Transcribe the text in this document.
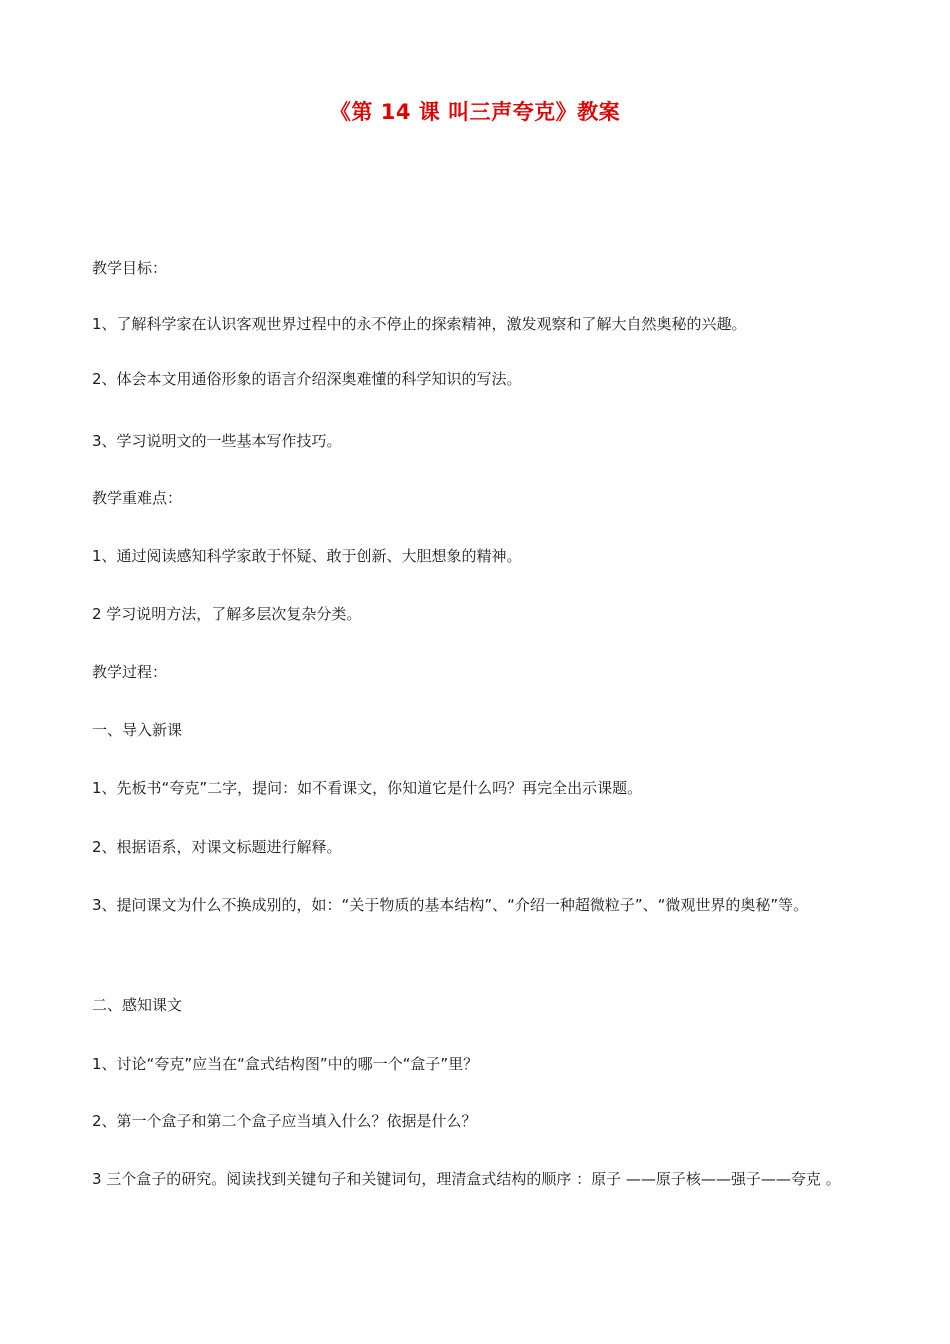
《第 14 课 叫三声夸克》教案
教学目标：
1、了解科学家在认识客观世界过程中的永不停止的探索精神，激发观察和了解大自然奥秘的兴趣。
2、体会本文用通俗形象的语言介绍深奥难懂的科学知识的写法。
3、学习说明文的一些基本写作技巧。
教学重难点：
1、通过阅读感知科学家敢于怀疑、敢于创新、大胆想象的精神。
2 学习说明方法，了解多层次复杂分类。
教学过程：
一、导入新课
1、先板书“夸克”二字，提问：如不看课文，你知道它是什么吗？再完全出示课题。
2、根据语系，对课文标题进行解释。
3、提问课文为什么不换成别的，如：“关于物质的基本结构”、“介绍一种超微粒子”、“微观世界的奥秘”等。
二、感知课文
1、讨论“夸克”应当在“盒式结构图”中的哪一个“盒子”里？
2、第一个盒子和第二个盒子应当填入什么？依据是什么？
3 三个盒子的研究。阅读找到关键句子和关键词句，理清盒式结构的顺序 ：原子 ——原子核——强子——夸克 。
